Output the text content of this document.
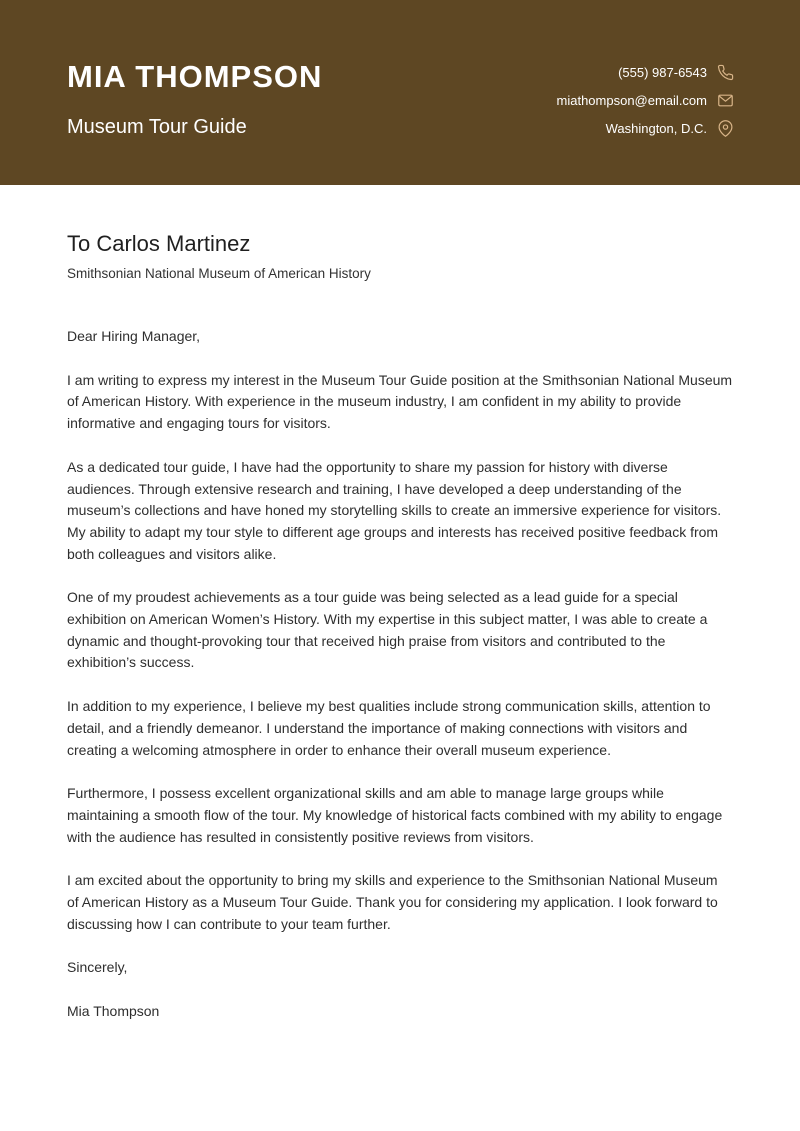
MIA THOMPSON
Museum Tour Guide
(555) 987-6543
miathompson@email.com
Washington, D.C.
To Carlos Martinez
Smithsonian National Museum of American History

Dear Hiring Manager,

I am writing to express my interest in the Museum Tour Guide position at the Smithsonian National Museum of American History. With experience in the museum industry, I am confident in my ability to provide informative and engaging tours for visitors.

As a dedicated tour guide, I have had the opportunity to share my passion for history with diverse audiences. Through extensive research and training, I have developed a deep understanding of the museum’s collections and have honed my storytelling skills to create an immersive experience for visitors. My ability to adapt my tour style to different age groups and interests has received positive feedback from both colleagues and visitors alike.

One of my proudest achievements as a tour guide was being selected as a lead guide for a special exhibition on American Women’s History. With my expertise in this subject matter, I was able to create a dynamic and thought-provoking tour that received high praise from visitors and contributed to the exhibition’s success.

In addition to my experience, I believe my best qualities include strong communication skills, attention to detail, and a friendly demeanor. I understand the importance of making connections with visitors and creating a welcoming atmosphere in order to enhance their overall museum experience.

Furthermore, I possess excellent organizational skills and am able to manage large groups while maintaining a smooth flow of the tour. My knowledge of historical facts combined with my ability to engage with the audience has resulted in consistently positive reviews from visitors.

I am excited about the opportunity to bring my skills and experience to the Smithsonian National Museum of American History as a Museum Tour Guide. Thank you for considering my application. I look forward to discussing how I can contribute to your team further.

Sincerely,

Mia Thompson
